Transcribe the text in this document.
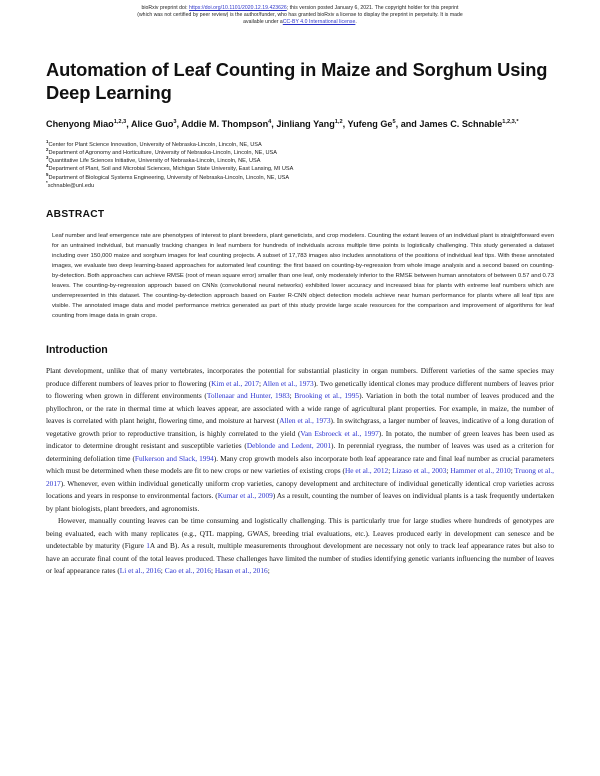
bioRxiv preprint doi: https://doi.org/10.1101/2020.12.19.423626; this version posted January 6, 2021. The copyright holder for this preprint
(which was not certified by peer review) is the author/funder, who has granted bioRxiv a license to display the preprint in perpetuity. It is made
available under aCC-BY 4.0 International license.
Automation of Leaf Counting in Maize and Sorghum Using Deep Learning
Chenyong Miao$^{1,2,3}$, Alice Guo$^3$, Addie M. Thompson$^4$, Jinliang Yang$^{1,2}$, Yufeng Ge$^5$, and James C. Schnable$^{1,2,3,*}$
$^1$Center for Plant Science Innovation, University of Nebraska-Lincoln, Lincoln, NE, USA
$^2$Department of Agronomy and Horticulture, University of Nebraska-Lincoln, Lincoln, NE, USA
$^3$Quantitative Life Sciences Initiative, University of Nebraska-Lincoln, Lincoln, NE, USA
$^4$Department of Plant, Soil and Microbial Sciences, Michigan State University, East Lansing, MI USA
$^5$Department of Biological Systems Engineering, University of Nebraska-Lincoln, Lincoln, NE, USA
*schnable@unl.edu
ABSTRACT
Leaf number and leaf emergence rate are phenotypes of interest to plant breeders, plant geneticists, and crop modelers. Counting the extant leaves of an individual plant is straightforward even for an untrained individual, but manually tracking changes in leaf numbers for hundreds of individuals across multiple time points is logistically challenging. This study generated a dataset including over 150,000 maize and sorghum images for leaf counting projects. A subset of 17,783 images also includes annotations of the positions of individual leaf tips. With these annotated images, we evaluate two deep learning-based approaches for automated leaf counting: the first based on counting-by-regression from whole image analysis and a second based on counting-by-detection. Both approaches can achieve RMSE (root of mean square error) smaller than one leaf, only moderately inferior to the RMSE between human annotators of between 0.57 and 0.73 leaves. The counting-by-regression approach based on CNNs (convolutional neural networks) exhibited lower accuracy and increased bias for plants with extreme leaf numbers which are underrepresented in this dataset. The counting-by-detection approach based on Faster R-CNN object detection models achieve near human performance for plants where all leaf tips are visible. The annotated image data and model performance metrics generated as part of this study provide large scale resources for the comparison and improvement of algorithms for leaf counting from image data in grain crops.
Introduction

Plant development, unlike that of many vertebrates, incorporates the potential for substantial plasticity in organ numbers. Different varieties of the same species may produce different numbers of leaves prior to flowering (Kim et al., 2017; Allen et al., 1973). Two genetically identical clones may produce different numbers of leaves prior to flowering when grown in different environments (Tollenaar and Hunter, 1983; Brooking et al., 1995). Variation in both the total number of leaves produced and the phyllochron, or the rate in thermal time at which leaves appear, are associated with a wide range of agricultural plant properties. For example, in maize, the number of leaves is correlated with plant height, flowering time, and moisture at harvest (Allen et al., 1973). In switchgrass, a larger number of leaves, indicative of a long duration of vegetative growth prior to reproductive transition, is highly correlated to the yield (Van Esbroeck et al., 1997). In potato, the number of green leaves has been used as indicator to determine drought resistant and susceptible varieties (Deblonde and Ledent, 2001). In perennial ryegrass, the number of leaves was used as a criterion for determining defoliation time (Fulkerson and Slack, 1994). Many crop growth models also incorporate both leaf appearance rate and final leaf number as crucial parameters which must be determined when these models are fit to new crops or new varieties of existing crops (He et al., 2012; Lizaso et al., 2003; Hammer et al., 2010; Truong et al., 2017). Whenever, even within individual genetically uniform crop varieties, canopy development and architecture of individual genetically identical crop varieties across locations and years in response to environmental factors. (Kumar et al., 2009) As a result, counting the number of leaves on individual plants is a task frequently undertaken by plant biologists, plant breeders, and agronomists.

However, manually counting leaves can be time consuming and logistically challenging. This is particularly true for large studies where hundreds of genotypes are being evaluated, each with many replicates (e.g., QTL mapping, GWAS, breeding trial evaluations, etc.). Leaves produced early in development can senesce and be undetectable by maturity (Figure 1A and B). As a result, multiple measurements throughout development are necessary not only to track leaf appearance rates but also to have an accurate final count of the total leaves produced. These challenges have limited the number of studies identifying genetic variants influencing the number of leaves or leaf appearance rates (Li et al., 2016; Cao et al., 2016; Hasan et al., 2016;
